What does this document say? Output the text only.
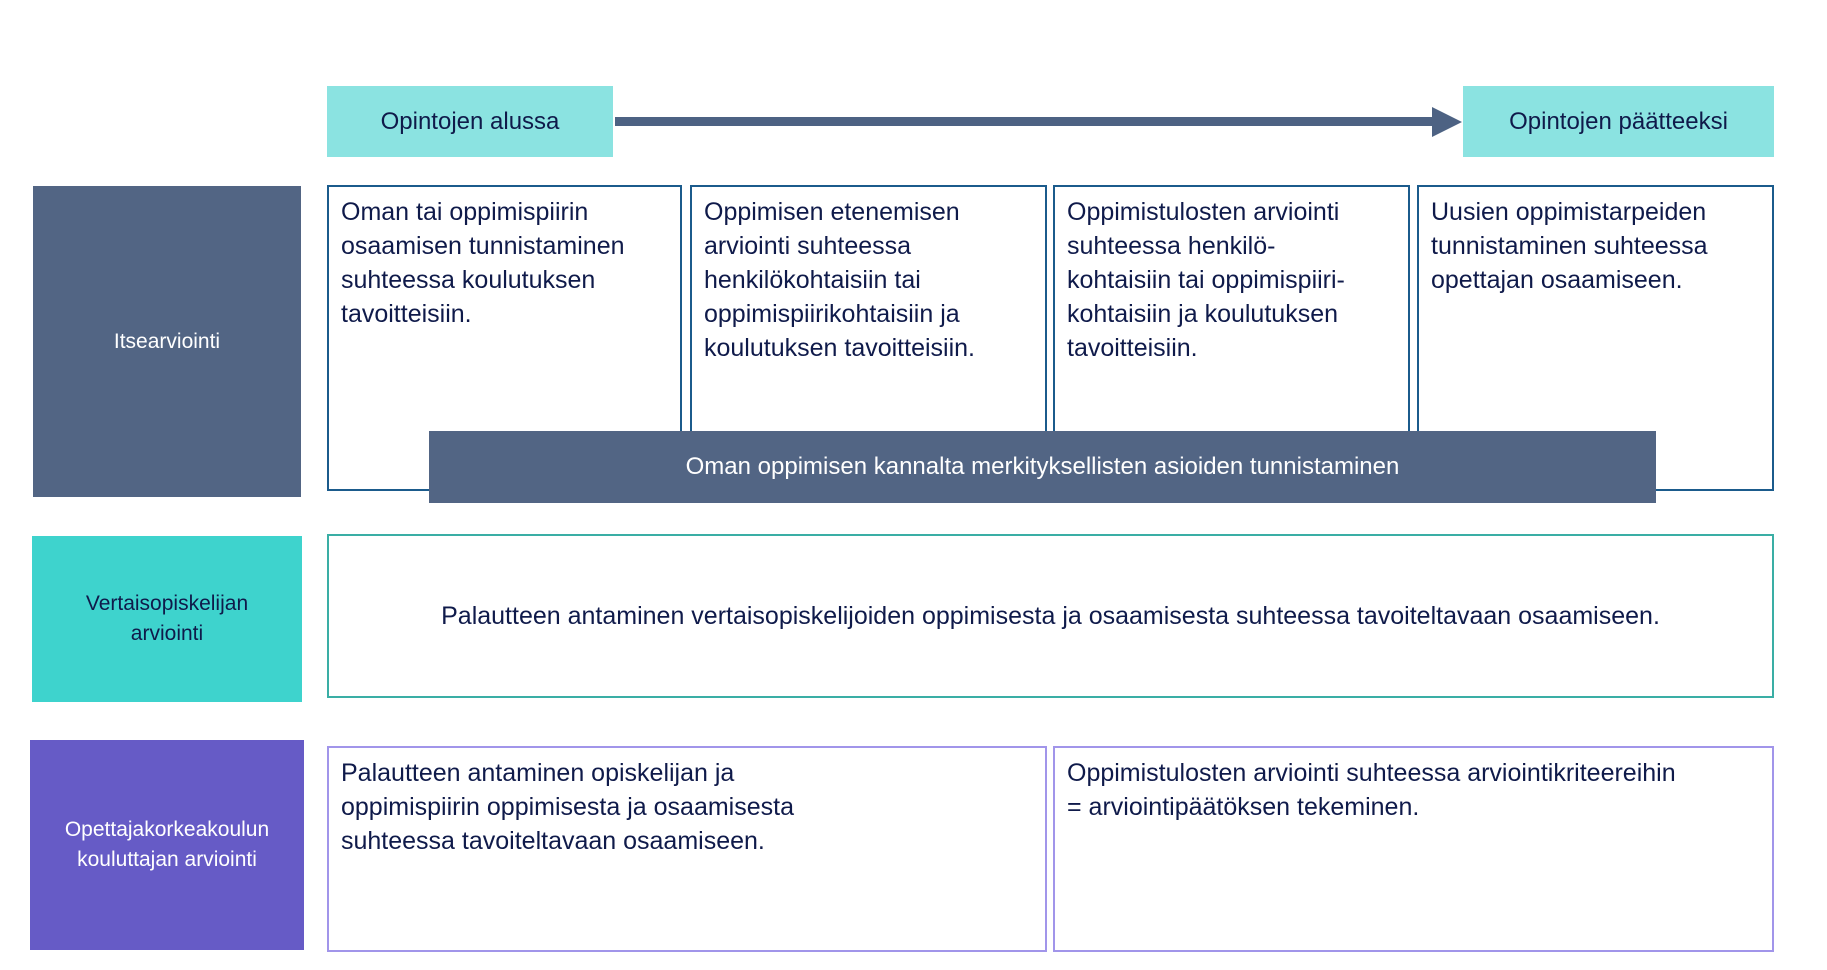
Opintojen alussa	Opintojen päätteeksi
Itsearviointi
Oman tai oppimispiirin
osaamisen tunnistaminen
suhteessa koulutuksen
tavoitteisiin.
Oppimisen etenemisen
arviointi suhteessa
henkilökohtaisiin tai
oppimispiirikohtaisiin ja
koulutuksen tavoitteisiin.
Oppimistulosten arviointi
suhteessa henkilö-
kohtaisiin tai oppimispiiri-
kohtaisiin ja koulutuksen
tavoitteisiin.
Uusien oppimistarpeiden
tunnistaminen suhteessa
opettajan osaamiseen.
Oman oppimisen kannalta merkityksellisten asioiden tunnistaminen
Vertaisopiskelijan
arviointi
Palautteen antaminen vertaisopiskelijoiden oppimisesta ja osaamisesta suhteessa tavoiteltavaan osaamiseen.
Opettajakorkeakoulun
kouluttajan arviointi
Palautteen antaminen opiskelijan ja
oppimispiirin oppimisesta ja osaamisesta
suhteessa tavoiteltavaan osaamiseen.
Oppimistulosten arviointi suhteessa arviointikriteereihin
= arviointipäätöksen tekeminen.
